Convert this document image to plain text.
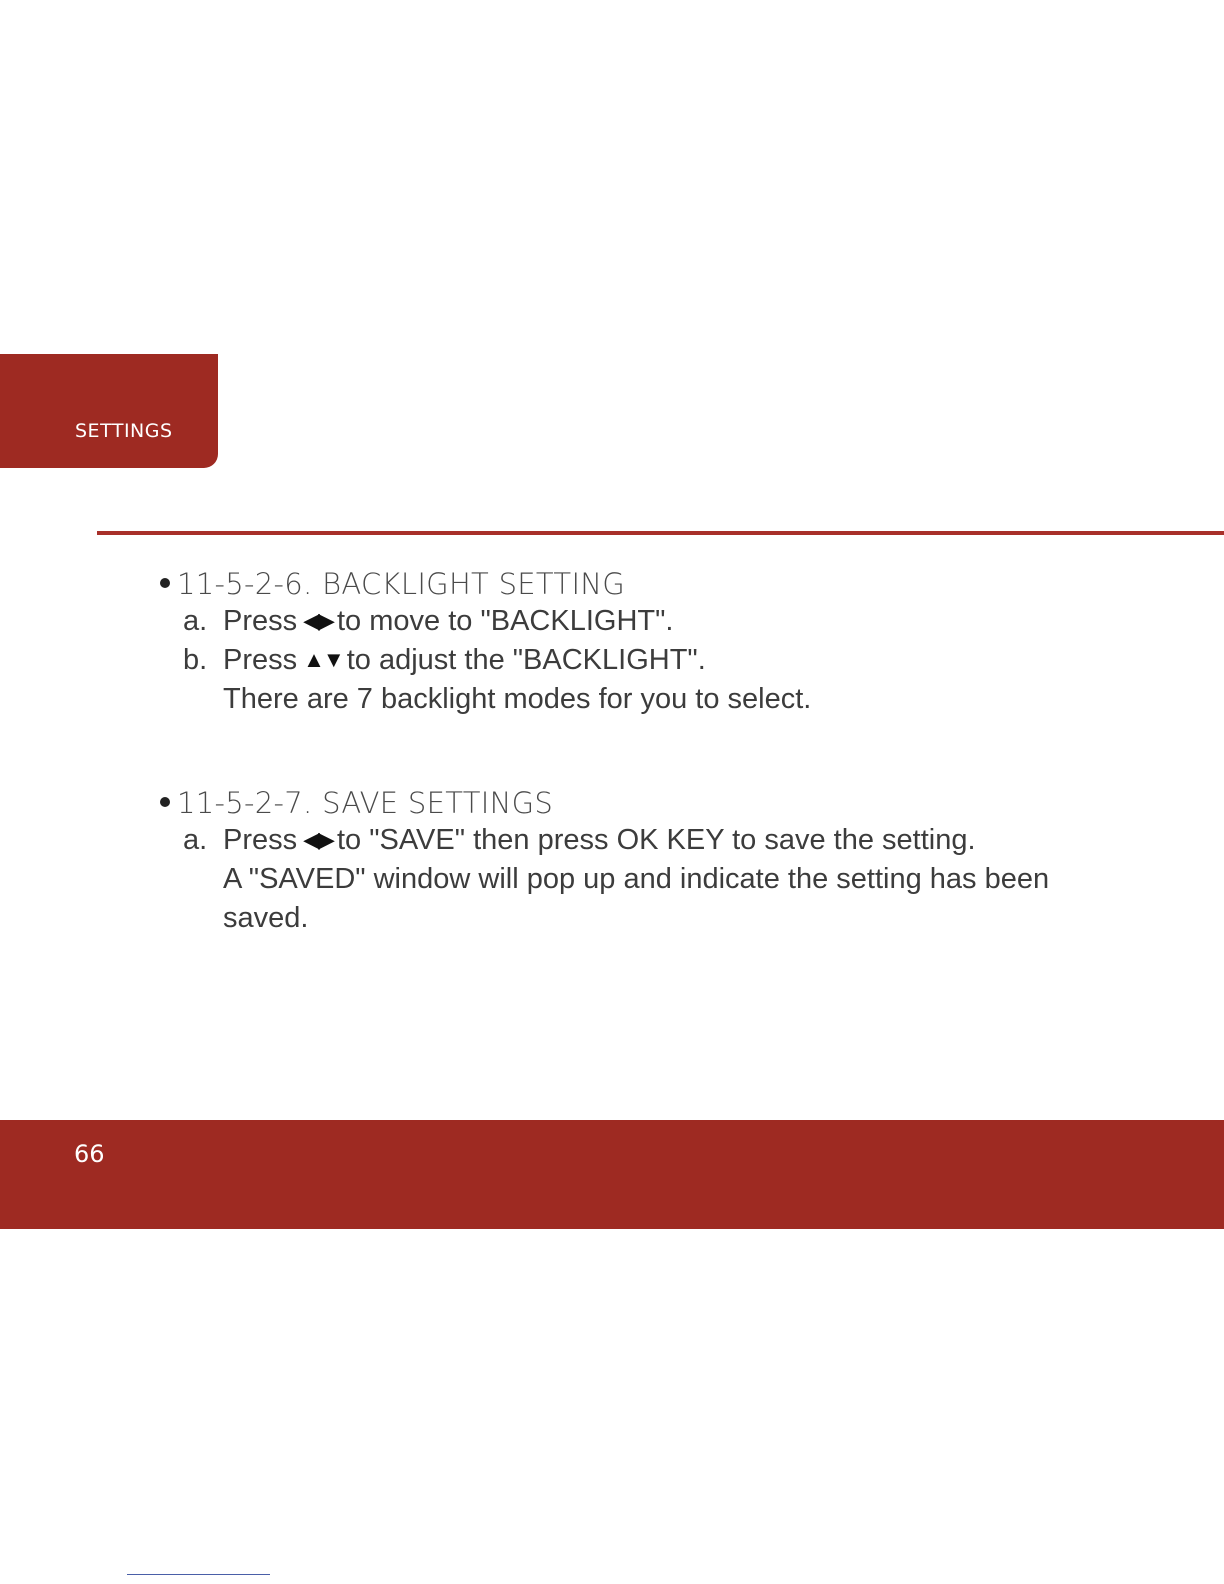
SETTINGS
11-5-2-6. BACKLIGHT SETTING
a. Press ◀▶ to move to "BACKLIGHT".
b. Press ▲▼ to adjust the "BACKLIGHT".
There are 7 backlight modes for you to select.
11-5-2-7. SAVE SETTINGS
a. Press ◀▶ to "SAVE" then press OK KEY to save the setting.
A "SAVED" window will pop up and indicate the setting has been
saved.
66
